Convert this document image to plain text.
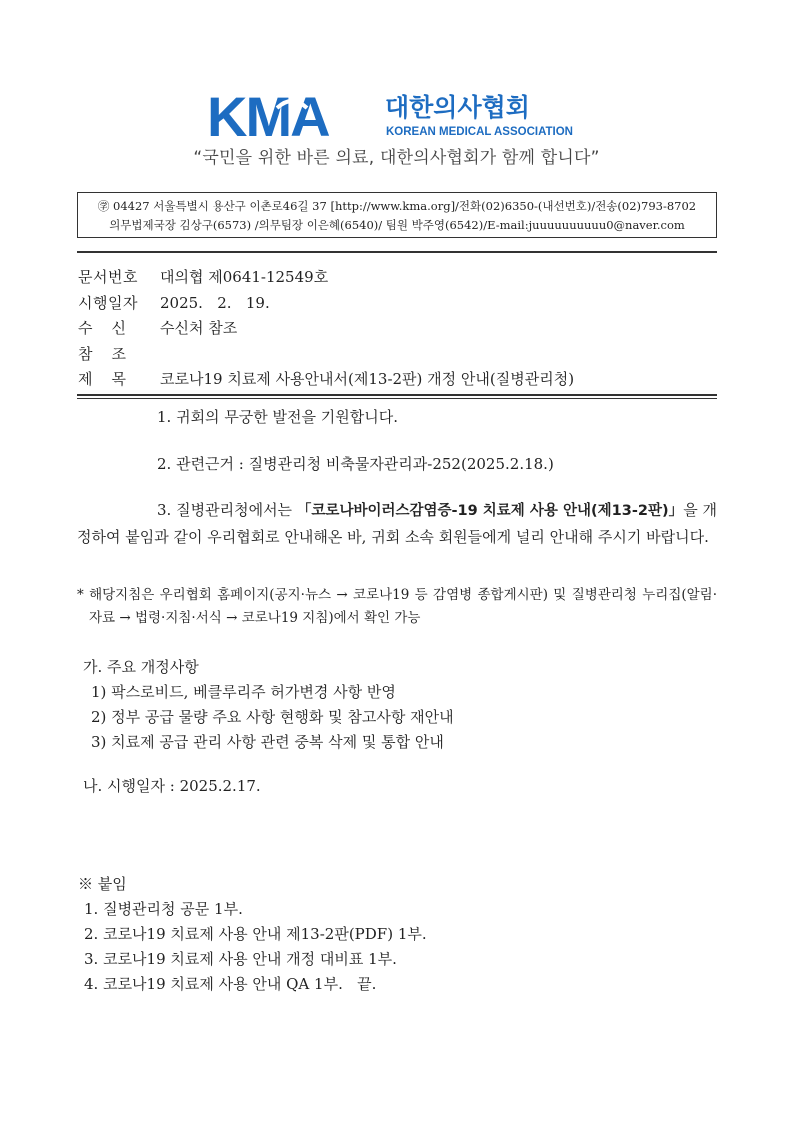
KMA 대한의사협회
KOREAN MEDICAL ASSOCIATION
“국민을 위한 바른 의료, 대한의사협회가 함께 합니다”
㊫ 04427 서울특별시 용산구 이촌로46길 37 [http://www.kma.org]/전화(02)6350-(내선번호)/전송(02)793-8702
의무법제국장 김상구(6573) /의무팀장 이은혜(6540)/ 팀원 박주영(6542)/E-mail:juuuuuuuuuu0@naver.com
문서번호 대의협 제0641-12549호
시행일자 2025.   2.   19.
수    신 수신처 참조
참    조
제    목 코로나19 치료제 사용안내서(제13-2판) 개정 안내(질병관리청)
1. 귀회의 무궁한 발전을 기원합니다.
2. 관련근거 : 질병관리청 비축물자관리과-252(2025.2.18.)
3. 질병관리청에서는 「코로나바이러스감염증-19 치료제 사용 안내(제13-2판)」을 개정하여 붙임과 같이 우리협회로 안내해온 바, 귀회 소속 회원들에게 널리 안내해 주시기 바랍니다.
* 해당지침은 우리협회 홈페이지(공지·뉴스 → 코로나19 등 감염병 종합게시판) 및 질병관리청 누리집(알림·자료 → 법령·지침·서식 → 코로나19 지침)에서 확인 가능
가. 주요 개정사항
1) 팍스로비드, 베클루리주 허가변경 사항 반영
2) 정부 공급 물량 주요 사항 현행화 및 참고사항 재안내
3) 치료제 공급 관리 사항 관련 중복 삭제 및 통합 안내
나. 시행일자 : 2025.2.17.
※ 붙임
1. 질병관리청 공문 1부.
2. 코로나19 치료제 사용 안내 제13-2판(PDF) 1부.
3. 코로나19 치료제 사용 안내 개정 대비표 1부.
4. 코로나19 치료제 사용 안내 QA 1부.   끝.
